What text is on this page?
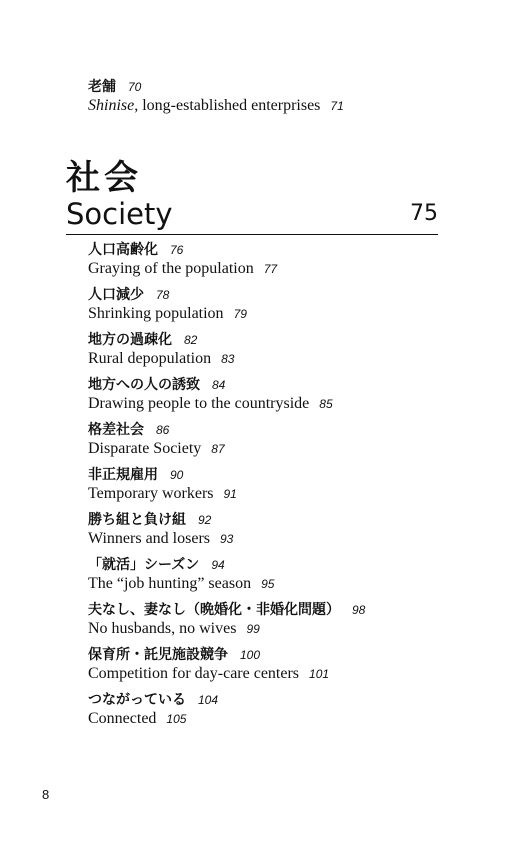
老舗 70
Shinise, long-established enterprises 71
社会
Society	75
人口高齢化 76
Graying of the population 77
人口減少 78
Shrinking population 79
地方の過疎化 82
Rural depopulation 83
地方への人の誘致 84
Drawing people to the countryside 85
格差社会 86
Disparate Society 87
非正規雇用 90
Temporary workers 91
勝ち組と負け組 92
Winners and losers 93
「就活」シーズン 94
The “job hunting” season 95
夫なし、妻なし（晩婚化・非婚化問題） 98
No husbands, no wives 99
保育所・託児施設競争 100
Competition for day-care centers 101
つながっている 104
Connected 105
8
